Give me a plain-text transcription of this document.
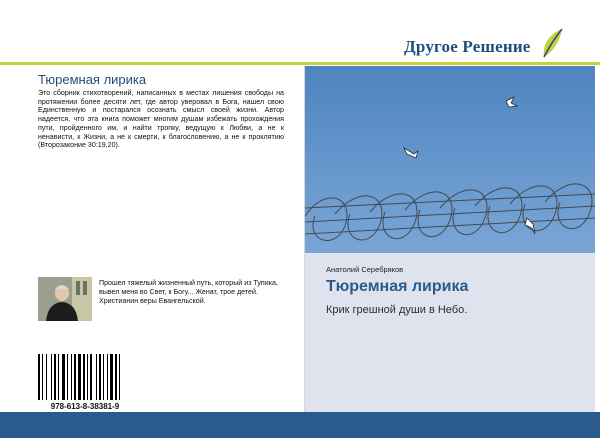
Другое Решение
Тюремная лирика
Это сборник стихотворений, написанных в местах лишения свободы на протяжении более десяти лет, где автор уверовал в Бога, нашел свою Единственную и постарался осознать смысл своей жизни. Автор надеется, что эта книга поможет многим душам избежать прохождения пути, пройденного им, и найти тропку, ведущую к Любви, а не к ненависти, к Жизни, а не к смерти, к благословению, а не к проклятию (Второзаконие 30:19,20).
Прошел тяжелый жизненный путь, который из Тупика, вывел меня во Свет, к Богу... Женат, трое детей. Христианин веры Евангельской.
978-613-8-38381-9
Анатолий Серебряков
Тюремная лирика
Крик грешной души в Небо.
